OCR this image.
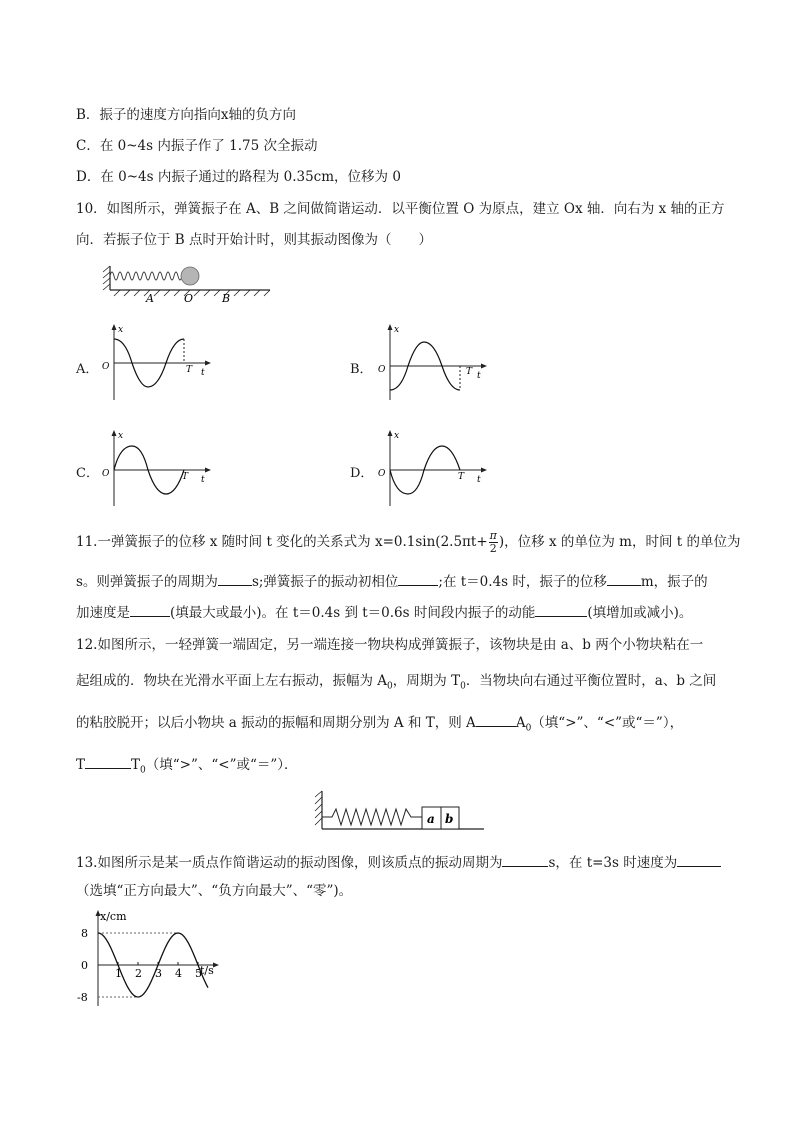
B．振子的速度方向指向x轴的负方向
C．在 0~4s 内振子作了 1.75 次全振动
D．在 0~4s 内振子通过的路程为 0.35cm，位移为 0
10．如图所示，弹簧振子在 A、B 之间做简谐运动．以平衡位置 O 为原点，建立 Ox 轴．向右为 x 轴的正方
向．若振子位于 B 点时开始计时，则其振动图像为（　　）
A	O	B
A．
x
O	T t	B．
x
O	T t
C．
x
O	T t	D．
x
O	T t
11.一弹簧振子的位移 x 随时间 t 变化的关系式为 $x=0.1\sin(2.5\pi t+ \frac{\pi}{2}$ )，位移 x 的单位为 m，时间 t 的单位为
s。则弹簧振子的周期为	s;弹簧振子的振动初相位	;在 t＝0.4s 时，振子的位移	m，振子的
加速度是	(填最大或最小)。在 t＝0.4s 到 t＝0.6s 时间段内振子的动能	(填增加或减小)。
12.如图所示，一轻弹簧一端固定，另一端连接一物块构成弹簧振子，该物块是由 a、b 两个小物块粘在一
起组成的．物块在光滑水平面上左右振动，振幅为 $A_0$，周期为 $T_0$．当物块向右通过平衡位置时，a、b 之间
的粘胶脱开；以后小物块 a 振动的振幅和周期分别为 A 和 T，则 A	$A_0$（填“>”、“<”或“＝”），
T	$T_0$（填“>”、“<”或“＝”）．
a b
13.如图所示是某一质点作简谐运动的振动图像，则该质点的振动周期为	s，在 t=3s 时速度为
（选填“正方向最大”、“负方向最大”、“零”)。
x/cm
t/s
8
0
-8
1 2 3 4 5
